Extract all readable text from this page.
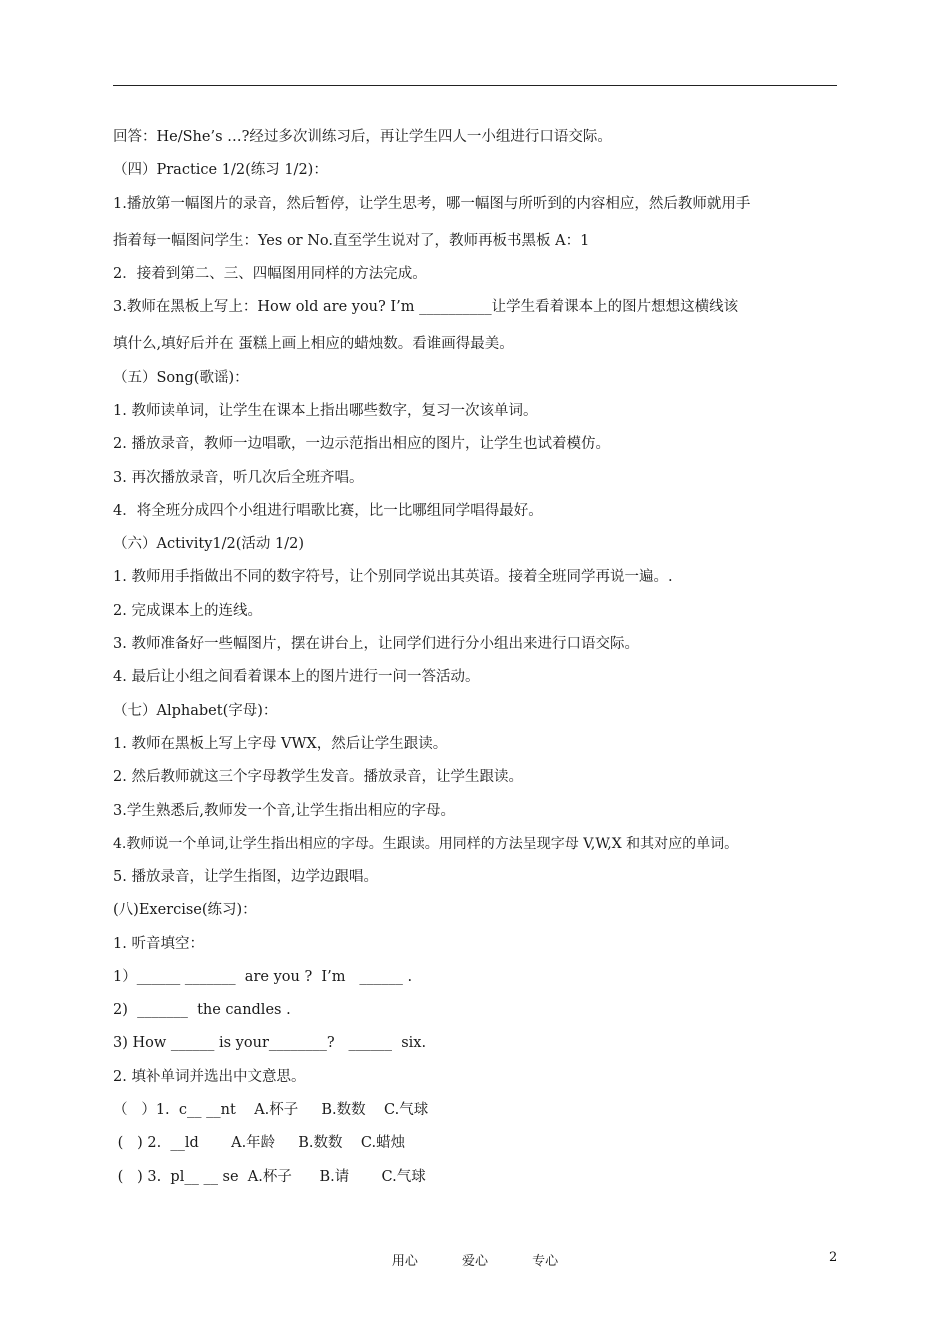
回答：He/She’s …?经过多次训练习后，再让学生四人一小组进行口语交际。
（四）Practice 1/2(练习 1/2)：
1.播放第一幅图片的录音，然后暂停，让学生思考，哪一幅图与所听到的内容相应，然后教师就用手
指着每一幅图问学生：Yes or No.直至学生说对了，教师再板书黑板 A：1
2．接着到第二、三、四幅图用同样的方法完成。
3.教师在黑板上写上：How old are you? I’m __________让学生看着课本上的图片想想这横线该
填什么,填好后并在 蛋糕上画上相应的蜡烛数。看谁画得最美。
（五）Song(歌谣)：
1. 教师读单词，让学生在课本上指出哪些数字，复习一次该单词。
2. 播放录音，教师一边唱歌，一边示范指出相应的图片，让学生也试着模仿。
3. 再次播放录音，听几次后全班齐唱。
4．将全班分成四个小组进行唱歌比赛，比一比哪组同学唱得最好。
（六）Activity1/2(活动 1/2)
1. 教师用手指做出不同的数字符号，让个别同学说出其英语。接着全班同学再说一遍。.
2. 完成课本上的连线。
3. 教师准备好一些幅图片，摆在讲台上，让同学们进行分小组出来进行口语交际。
4. 最后让小组之间看着课本上的图片进行一问一答活动。
（七）Alphabet(字母)：
1. 教师在黑板上写上字母 VWX，然后让学生跟读。
2. 然后教师就这三个字母教学生发音。播放录音，让学生跟读。
3.学生熟悉后,教师发一个音,让学生指出相应的字母。
4.教师说一个单词,让学生指出相应的字母。生跟读。用同样的方法呈现字母 V,W,X 和其对应的单词。
5. 播放录音，让学生指图，边学边跟唱。
(八)Exercise(练习)：
1. 听音填空：
1）______ _______  are you ?  I’m   ______ .
2)  _______  the candles .
3) How ______ is your________?   ______  six.
2. 填补单词并选出中文意思。
（   ）1.  c__ __nt    A.杯子     B.数数    C.气球
(   ) 2.  __ld       A.年龄     B.数数    C.蜡烛
(   ) 3.  pl__ __ se  A.杯子      B.请       C.气球
用心	爱心	专心	2
